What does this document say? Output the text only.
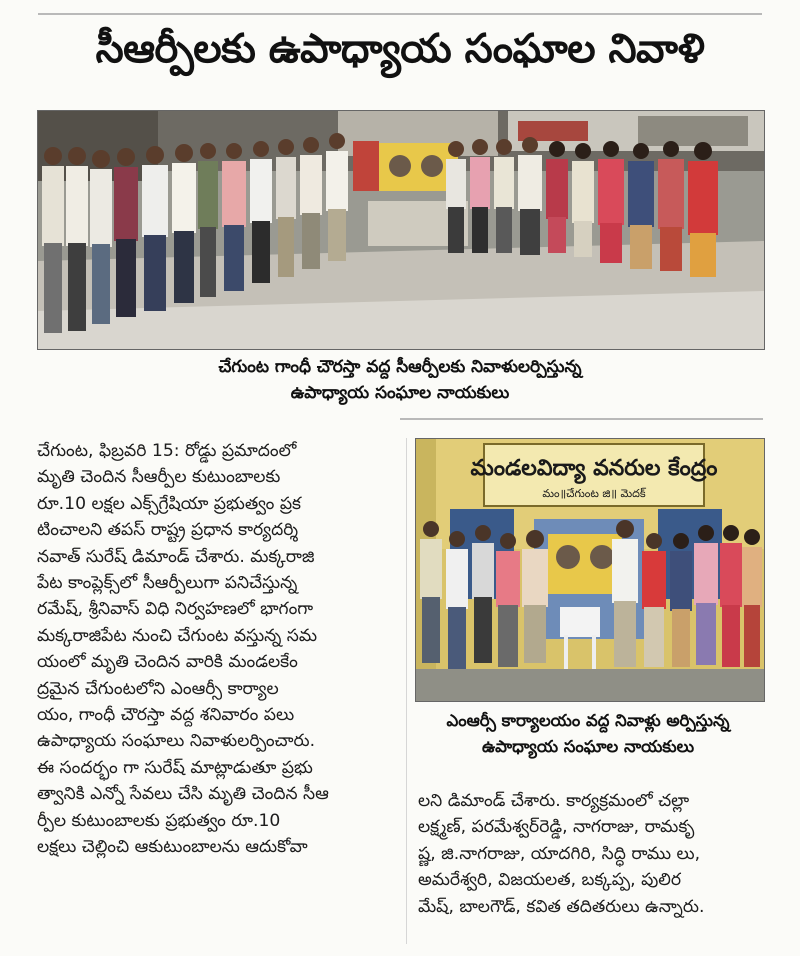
సీఆర్పీలకు ఉపాధ్యాయ సంఘాల నివాళి
చేగుంట గాంధీ చౌరస్తా వద్ద సీఆర్పీలకు నివాళులర్పిస్తున్న
ఉపాధ్యాయ సంఘాల నాయకులు
చేగుంట, ఫిబ్రవరి 15: రోడ్డు ప్రమాదంలో
మృతి చెందిన సీఆర్పీల కుటుంబాలకు
రూ.10 లక్షల ఎక్స్‌గ్రేషియా ప్రభుత్వం ప్రక
టించాలని తపస్ రాష్ట్ర ప్రధాన కార్యదర్శి
నవాత్ సురేష్ డిమాండ్ చేశారు. మక్కరాజి
పేట కాంప్లెక్స్‌లో సీఆర్పీలుగా పనిచేస్తున్న
రమేష్, శ్రీనివాస్ విధి నిర్వహణలో భాగంగా
మక్కరాజిపేట నుంచి చేగుంట వస్తున్న సమ
యంలో మృతి చెందిన వారికి మండలకేం
ద్రమైన చేగుంటలోని ఎంఆర్సీ కార్యాల
యం, గాంధీ చౌరస్తా వద్ద శనివారం పలు
ఉపాధ్యాయ సంఘాలు నివాళులర్పించారు.
ఈ సందర్భం గా సురేష్ మాట్లాడుతూ ప్రభు
త్వానికి ఎన్నో సేవలు చేసి మృతి చెందిన సీఆ
ర్పీల కుటుంబాలకు ప్రభుత్వం రూ.10
లక్షలు చెల్లించి ఆకుటుంబాలను ఆదుకోవా
మండలవిద్యా వనరుల కేంద్రం
మం॥చేగుంట జి॥ మెదక్
ఎంఆర్సీ కార్యాలయం వద్ద నివాళ్లు అర్పిస్తున్న
ఉపాధ్యాయ సంఘాల నాయకులు
లని డిమాండ్ చేశారు. కార్యక్రమంలో చల్లా
లక్ష్మణ్, పరమేశ్వర్‌రెడ్డి, నాగరాజు, రామకృ
ష్ణ, జి.నాగరాజు, యాదగిరి, సిద్ధి రాము లు,
అమరేశ్వరి, విజయలత, బక్కప్ప, పులిర
మేష్, బాలగౌడ్, కవిత తదితరులు ఉన్నారు.
